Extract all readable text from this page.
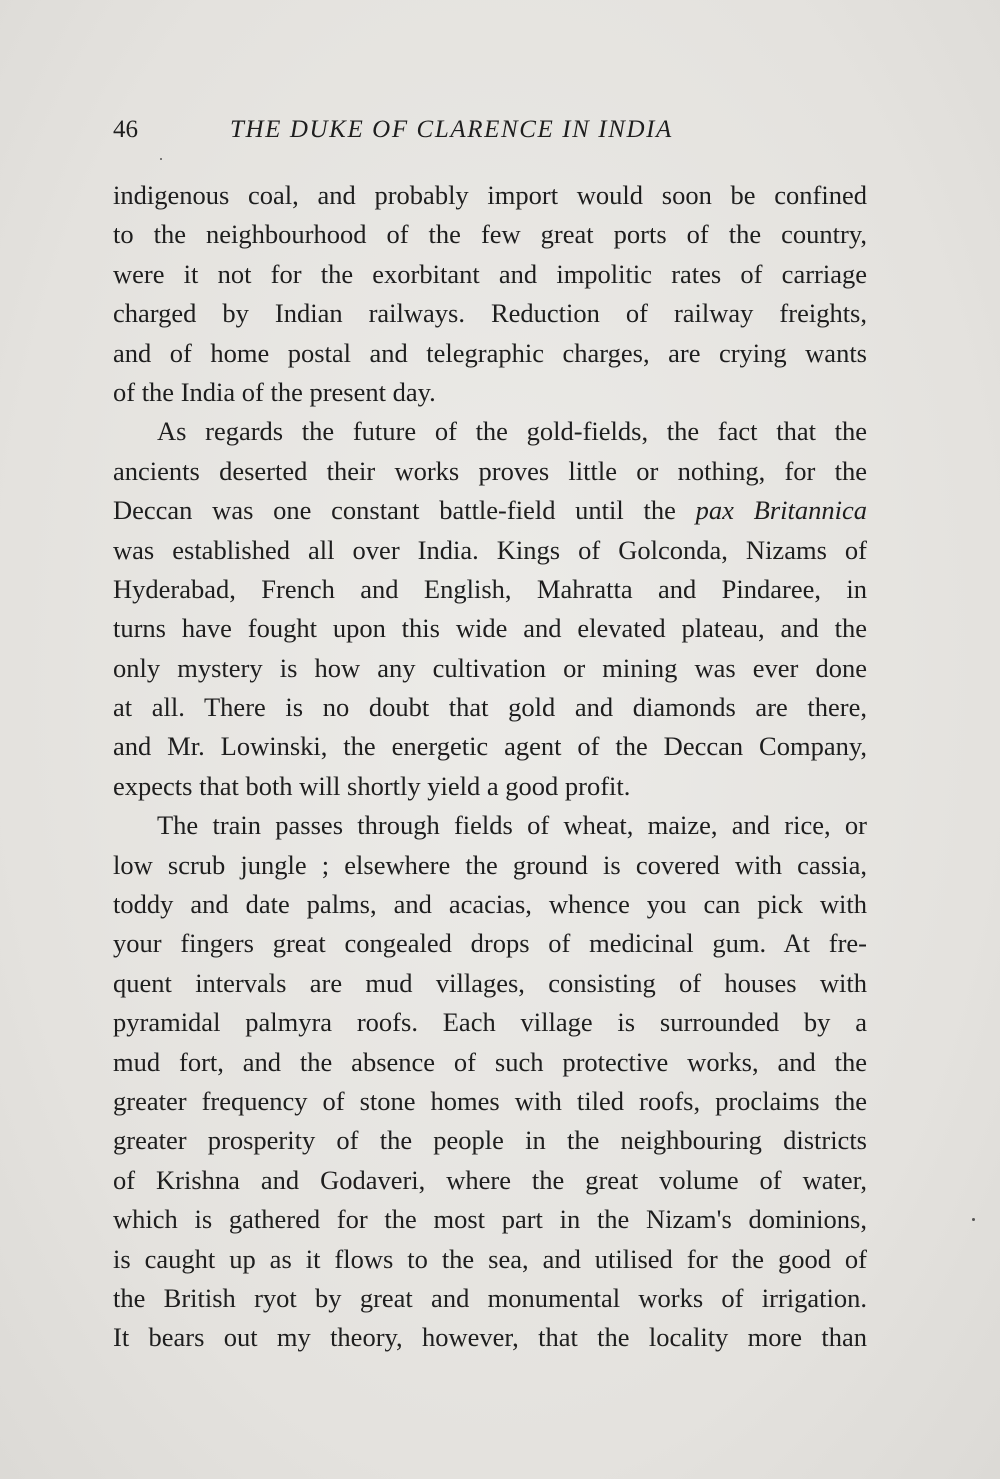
46	THE DUKE OF CLARENCE IN INDIA
indigenous coal, and probably import would soon be confined
to the neighbourhood of the few great ports of the country,
were it not for the exorbitant and impolitic rates of carriage
charged by Indian railways. Reduction of railway freights,
and of home postal and telegraphic charges, are crying wants
of the India of the present day.
As regards the future of the gold-fields, the fact that the
ancients deserted their works proves little or nothing, for the
Deccan was one constant battle-field until the pax Britannica
was established all over India. Kings of Golconda, Nizams of
Hyderabad, French and English, Mahratta and Pindaree, in
turns have fought upon this wide and elevated plateau, and the
only mystery is how any cultivation or mining was ever done
at all. There is no doubt that gold and diamonds are there,
and Mr. Lowinski, the energetic agent of the Deccan Company,
expects that both will shortly yield a good profit.
The train passes through fields of wheat, maize, and rice, or
low scrub jungle ; elsewhere the ground is covered with cassia,
toddy and date palms, and acacias, whence you can pick with
your fingers great congealed drops of medicinal gum. At fre-
quent intervals are mud villages, consisting of houses with
pyramidal palmyra roofs. Each village is surrounded by a
mud fort, and the absence of such protective works, and the
greater frequency of stone homes with tiled roofs, proclaims the
greater prosperity of the people in the neighbouring districts
of Krishna and Godaveri, where the great volume of water,
which is gathered for the most part in the Nizam's dominions,
is caught up as it flows to the sea, and utilised for the good of
the British ryot by great and monumental works of irrigation.
It bears out my theory, however, that the locality more than
